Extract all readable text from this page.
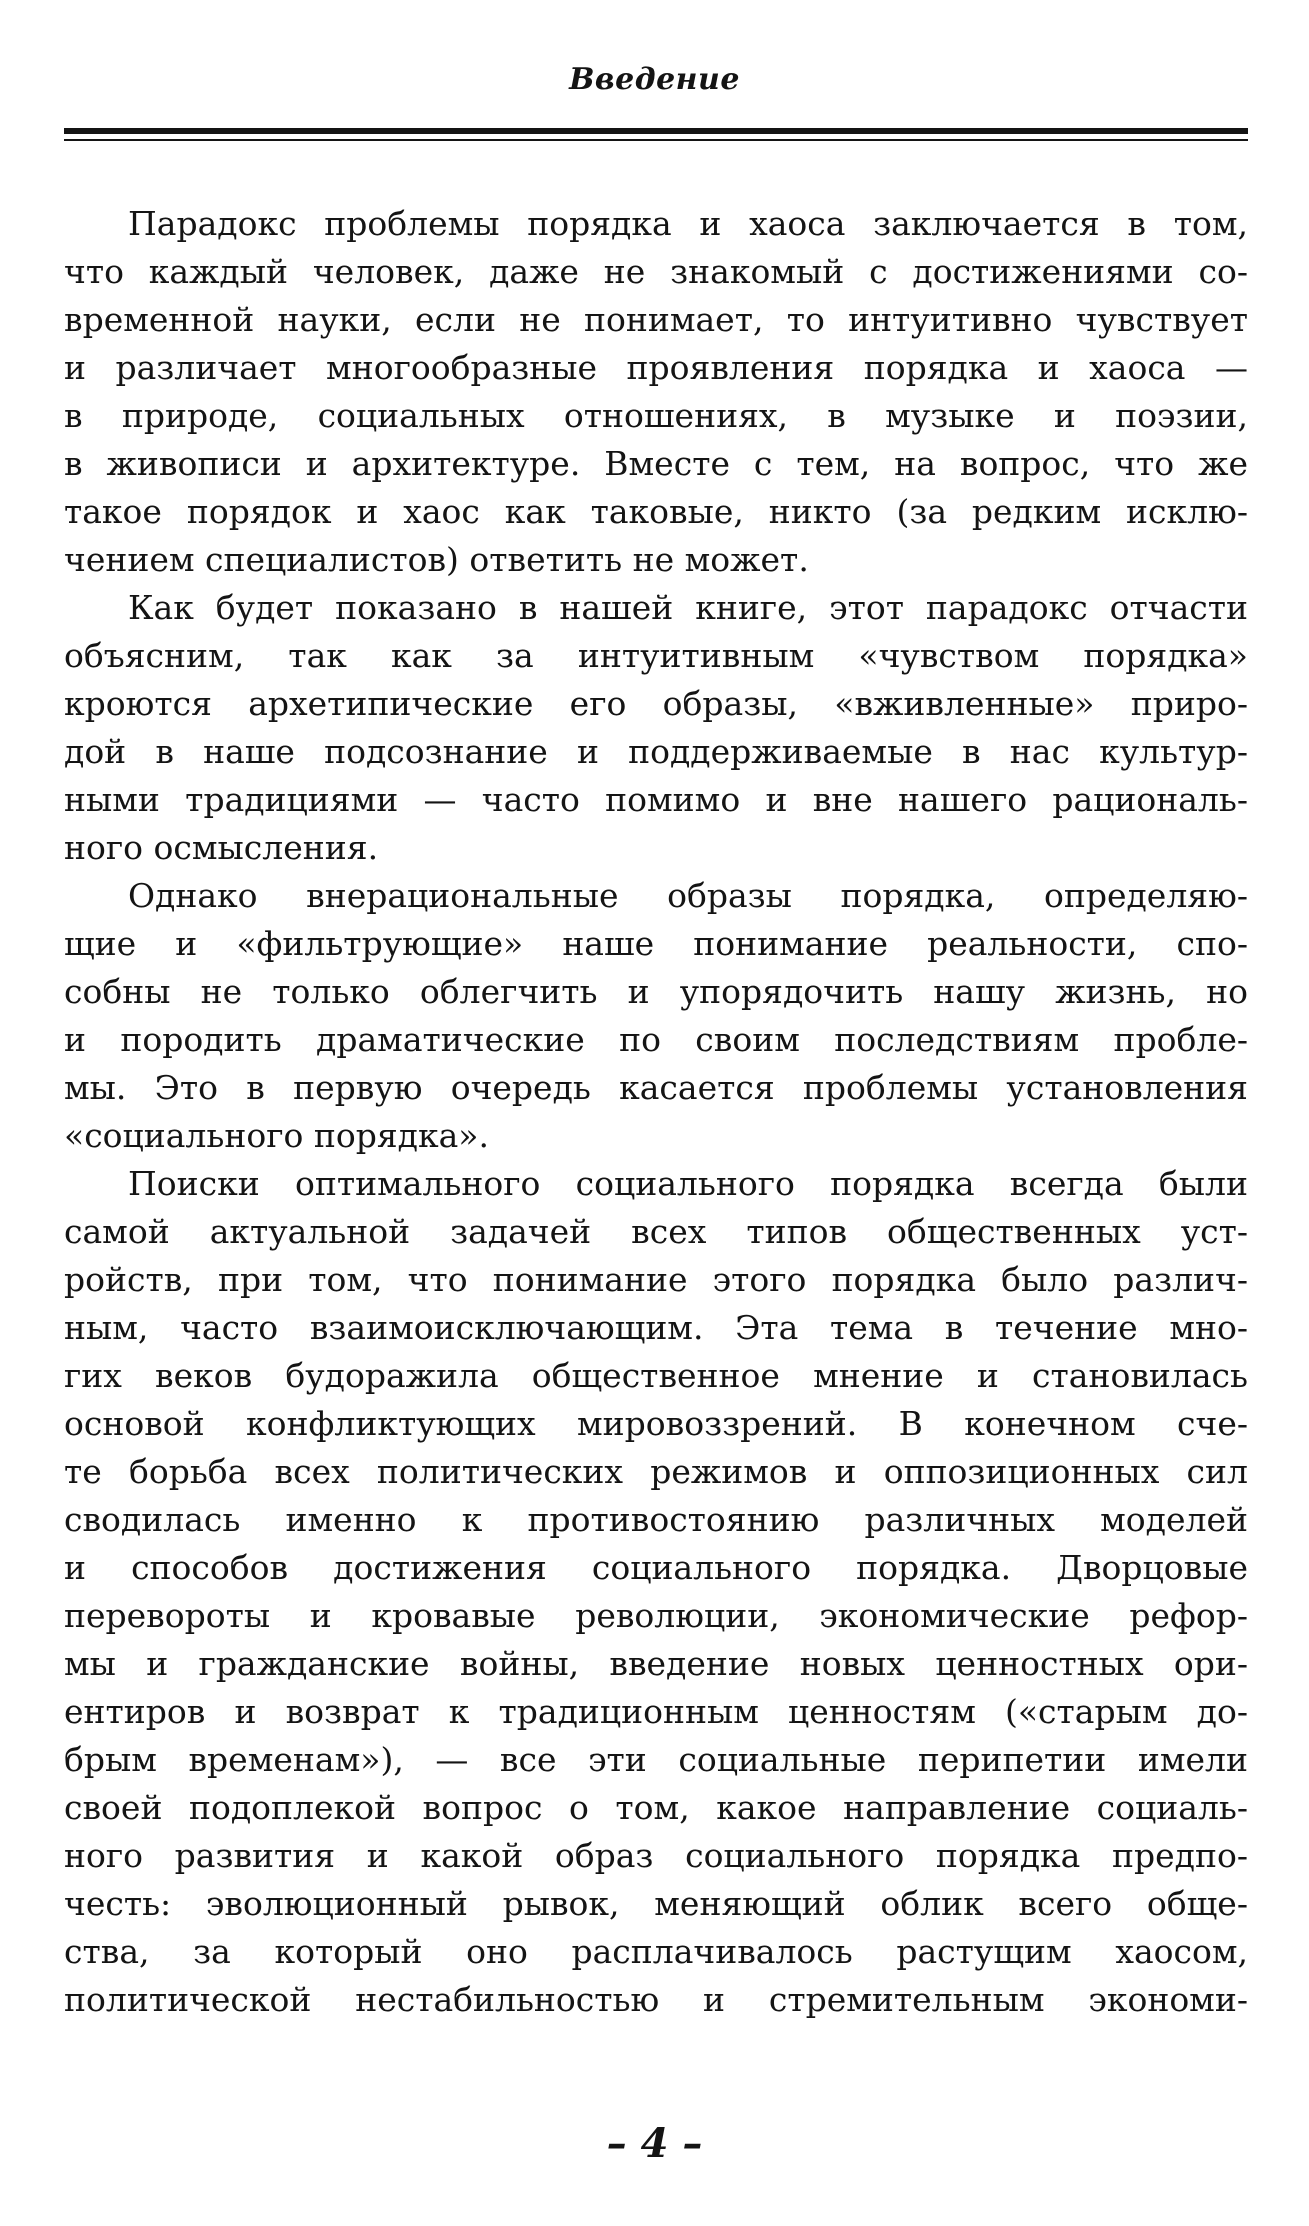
Введение
Парадокс проблемы порядка и хаоса заключается в том,
что каждый человек, даже не знакомый с достижениями со-
временной науки, если не понимает, то интуитивно чувствует
и различает многообразные проявления порядка и хаоса —
в природе, социальных отношениях, в музыке и поэзии,
в живописи и архитектуре. Вместе с тем, на вопрос, что же
такое порядок и хаос как таковые, никто (за редким исклю-
чением специалистов) ответить не может.
Как будет показано в нашей книге, этот парадокс отчасти
объясним, так как за интуитивным «чувством порядка»
кроются архетипические его образы, «вживленные» приро-
дой в наше подсознание и поддерживаемые в нас культур-
ными традициями — часто помимо и вне нашего рациональ-
ного осмысления.
Однако внерациональные образы порядка, определяю-
щие и «фильтрующие» наше понимание реальности, спо-
собны не только облегчить и упорядочить нашу жизнь, но
и породить драматические по своим последствиям пробле-
мы. Это в первую очередь касается проблемы установления
«социального порядка».
Поиски оптимального социального порядка всегда были
самой актуальной задачей всех типов общественных уст-
ройств, при том, что понимание этого порядка было различ-
ным, часто взаимоисключающим. Эта тема в течение мно-
гих веков будоражила общественное мнение и становилась
основой конфликтующих мировоззрений. В конечном сче-
те борьба всех политических режимов и оппозиционных сил
сводилась именно к противостоянию различных моделей
и способов достижения социального порядка. Дворцовые
перевороты и кровавые революции, экономические рефор-
мы и гражданские войны, введение новых ценностных ори-
ентиров и возврат к традиционным ценностям («старым до-
брым временам»), — все эти социальные перипетии имели
своей подоплекой вопрос о том, какое направление социаль-
ного развития и какой образ социального порядка предпо-
честь: эволюционный рывок, меняющий облик всего обще-
ства, за который оно расплачивалось растущим хаосом,
политической нестабильностью и стремительным экономи-
– 4 –
